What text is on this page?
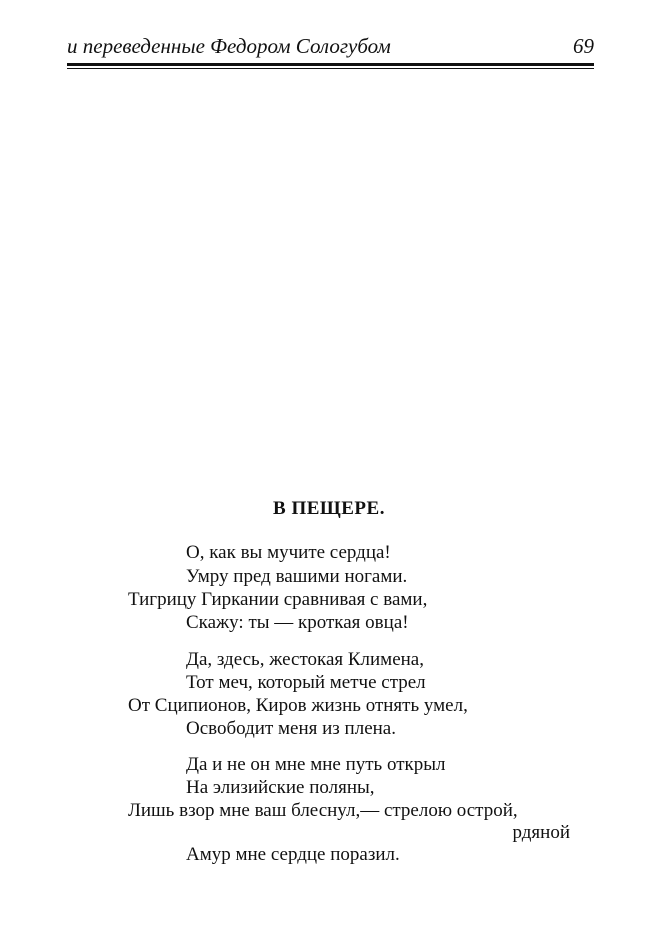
и переведенные Федором Сологубом	69
В ПЕЩЕРЕ.
О, как вы мучите сердца!
Умру пред вашими ногами.
Тигрицу Гиркании сравнивая с вами,
Скажу: ты — кроткая овца!
Да, здесь, жестокая Климена,
Тот меч, который метче стрел
От Сципионов, Киров жизнь отнять умел,
Освободит меня из плена.
Да и не он мне мне путь открыл
На элизийские поляны,
Лишь взор мне ваш блеснул,— стрелою острой,
рдяной
Амур мне сердце поразил.
